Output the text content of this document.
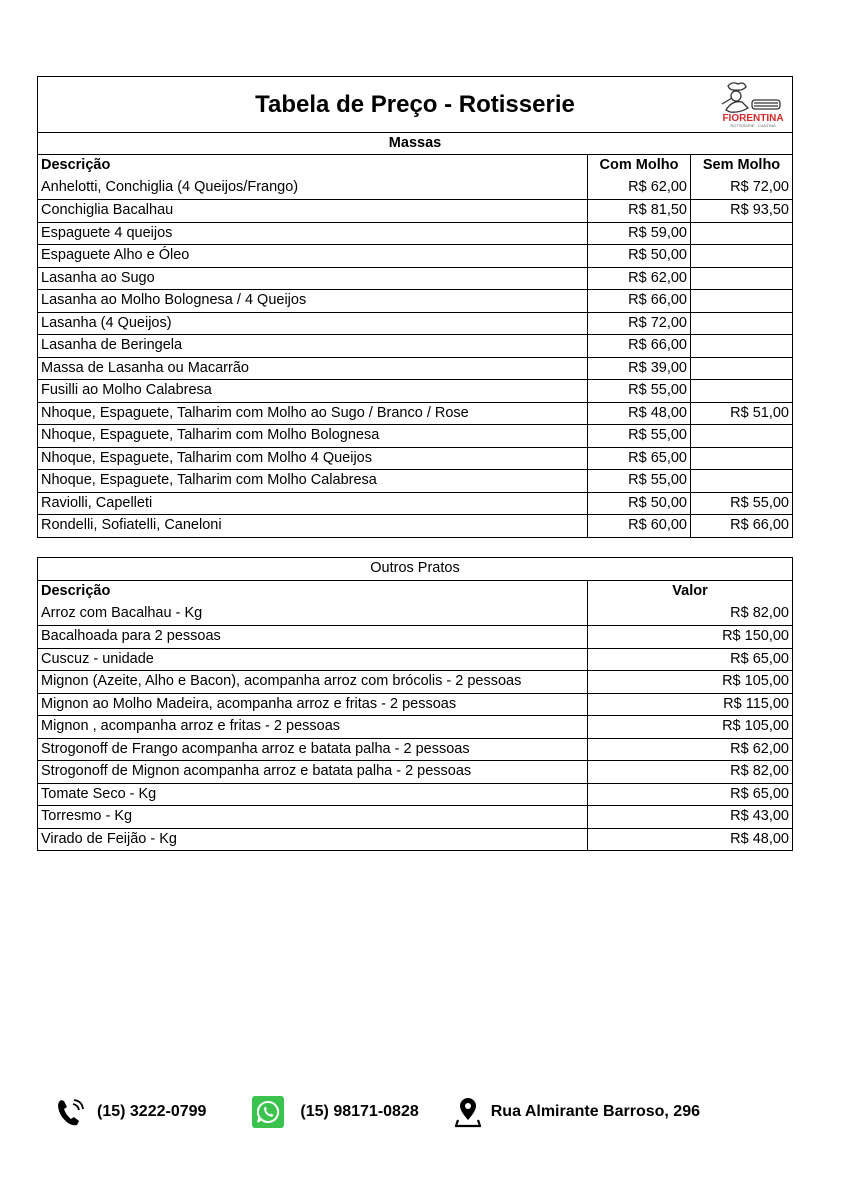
Tabela de Preço - Rotisserie
FIORENTINA
ROTISSERIE · CANTINA
Massas
Descrição	Com Molho	Sem Molho
Anhelotti, Conchiglia (4 Queijos/Frango)	R$ 62,00	R$ 72,00
Conchiglia Bacalhau	R$ 81,50	R$ 93,50
Espaguete 4 queijos	R$ 59,00
Espaguete Alho e Óleo	R$ 50,00
Lasanha ao Sugo	R$ 62,00
Lasanha ao Molho Bolognesa / 4 Queijos	R$ 66,00
Lasanha (4 Queijos)	R$ 72,00
Lasanha de Beringela	R$ 66,00
Massa de Lasanha ou Macarrão	R$ 39,00
Fusilli ao Molho Calabresa	R$ 55,00
Nhoque, Espaguete, Talharim com Molho ao Sugo / Branco / Rose	R$ 48,00	R$ 51,00
Nhoque, Espaguete, Talharim com Molho Bolognesa	R$ 55,00
Nhoque, Espaguete, Talharim com Molho 4 Queijos	R$ 65,00
Nhoque, Espaguete, Talharim com Molho Calabresa	R$ 55,00
Raviolli, Capelleti	R$ 50,00	R$ 55,00
Rondelli, Sofiatelli, Caneloni	R$ 60,00	R$ 66,00
Outros Pratos
Descrição	Valor
Arroz com Bacalhau - Kg	R$ 82,00
Bacalhoada para 2 pessoas	R$ 150,00
Cuscuz - unidade	R$ 65,00
Mignon (Azeite, Alho e Bacon), acompanha arroz com brócolis - 2 pessoas	R$ 105,00
Mignon ao Molho Madeira, acompanha arroz e fritas - 2 pessoas	R$ 115,00
Mignon , acompanha arroz e fritas - 2 pessoas	R$ 105,00
Strogonoff de Frango acompanha arroz e batata palha - 2 pessoas	R$ 62,00
Strogonoff de Mignon acompanha arroz e batata palha - 2 pessoas	R$ 82,00
Tomate Seco - Kg	R$ 65,00
Torresmo - Kg	R$ 43,00
Virado de Feijão - Kg	R$ 48,00
(15) 3222-0799	(15) 98171-0828	Rua Almirante Barroso, 296
